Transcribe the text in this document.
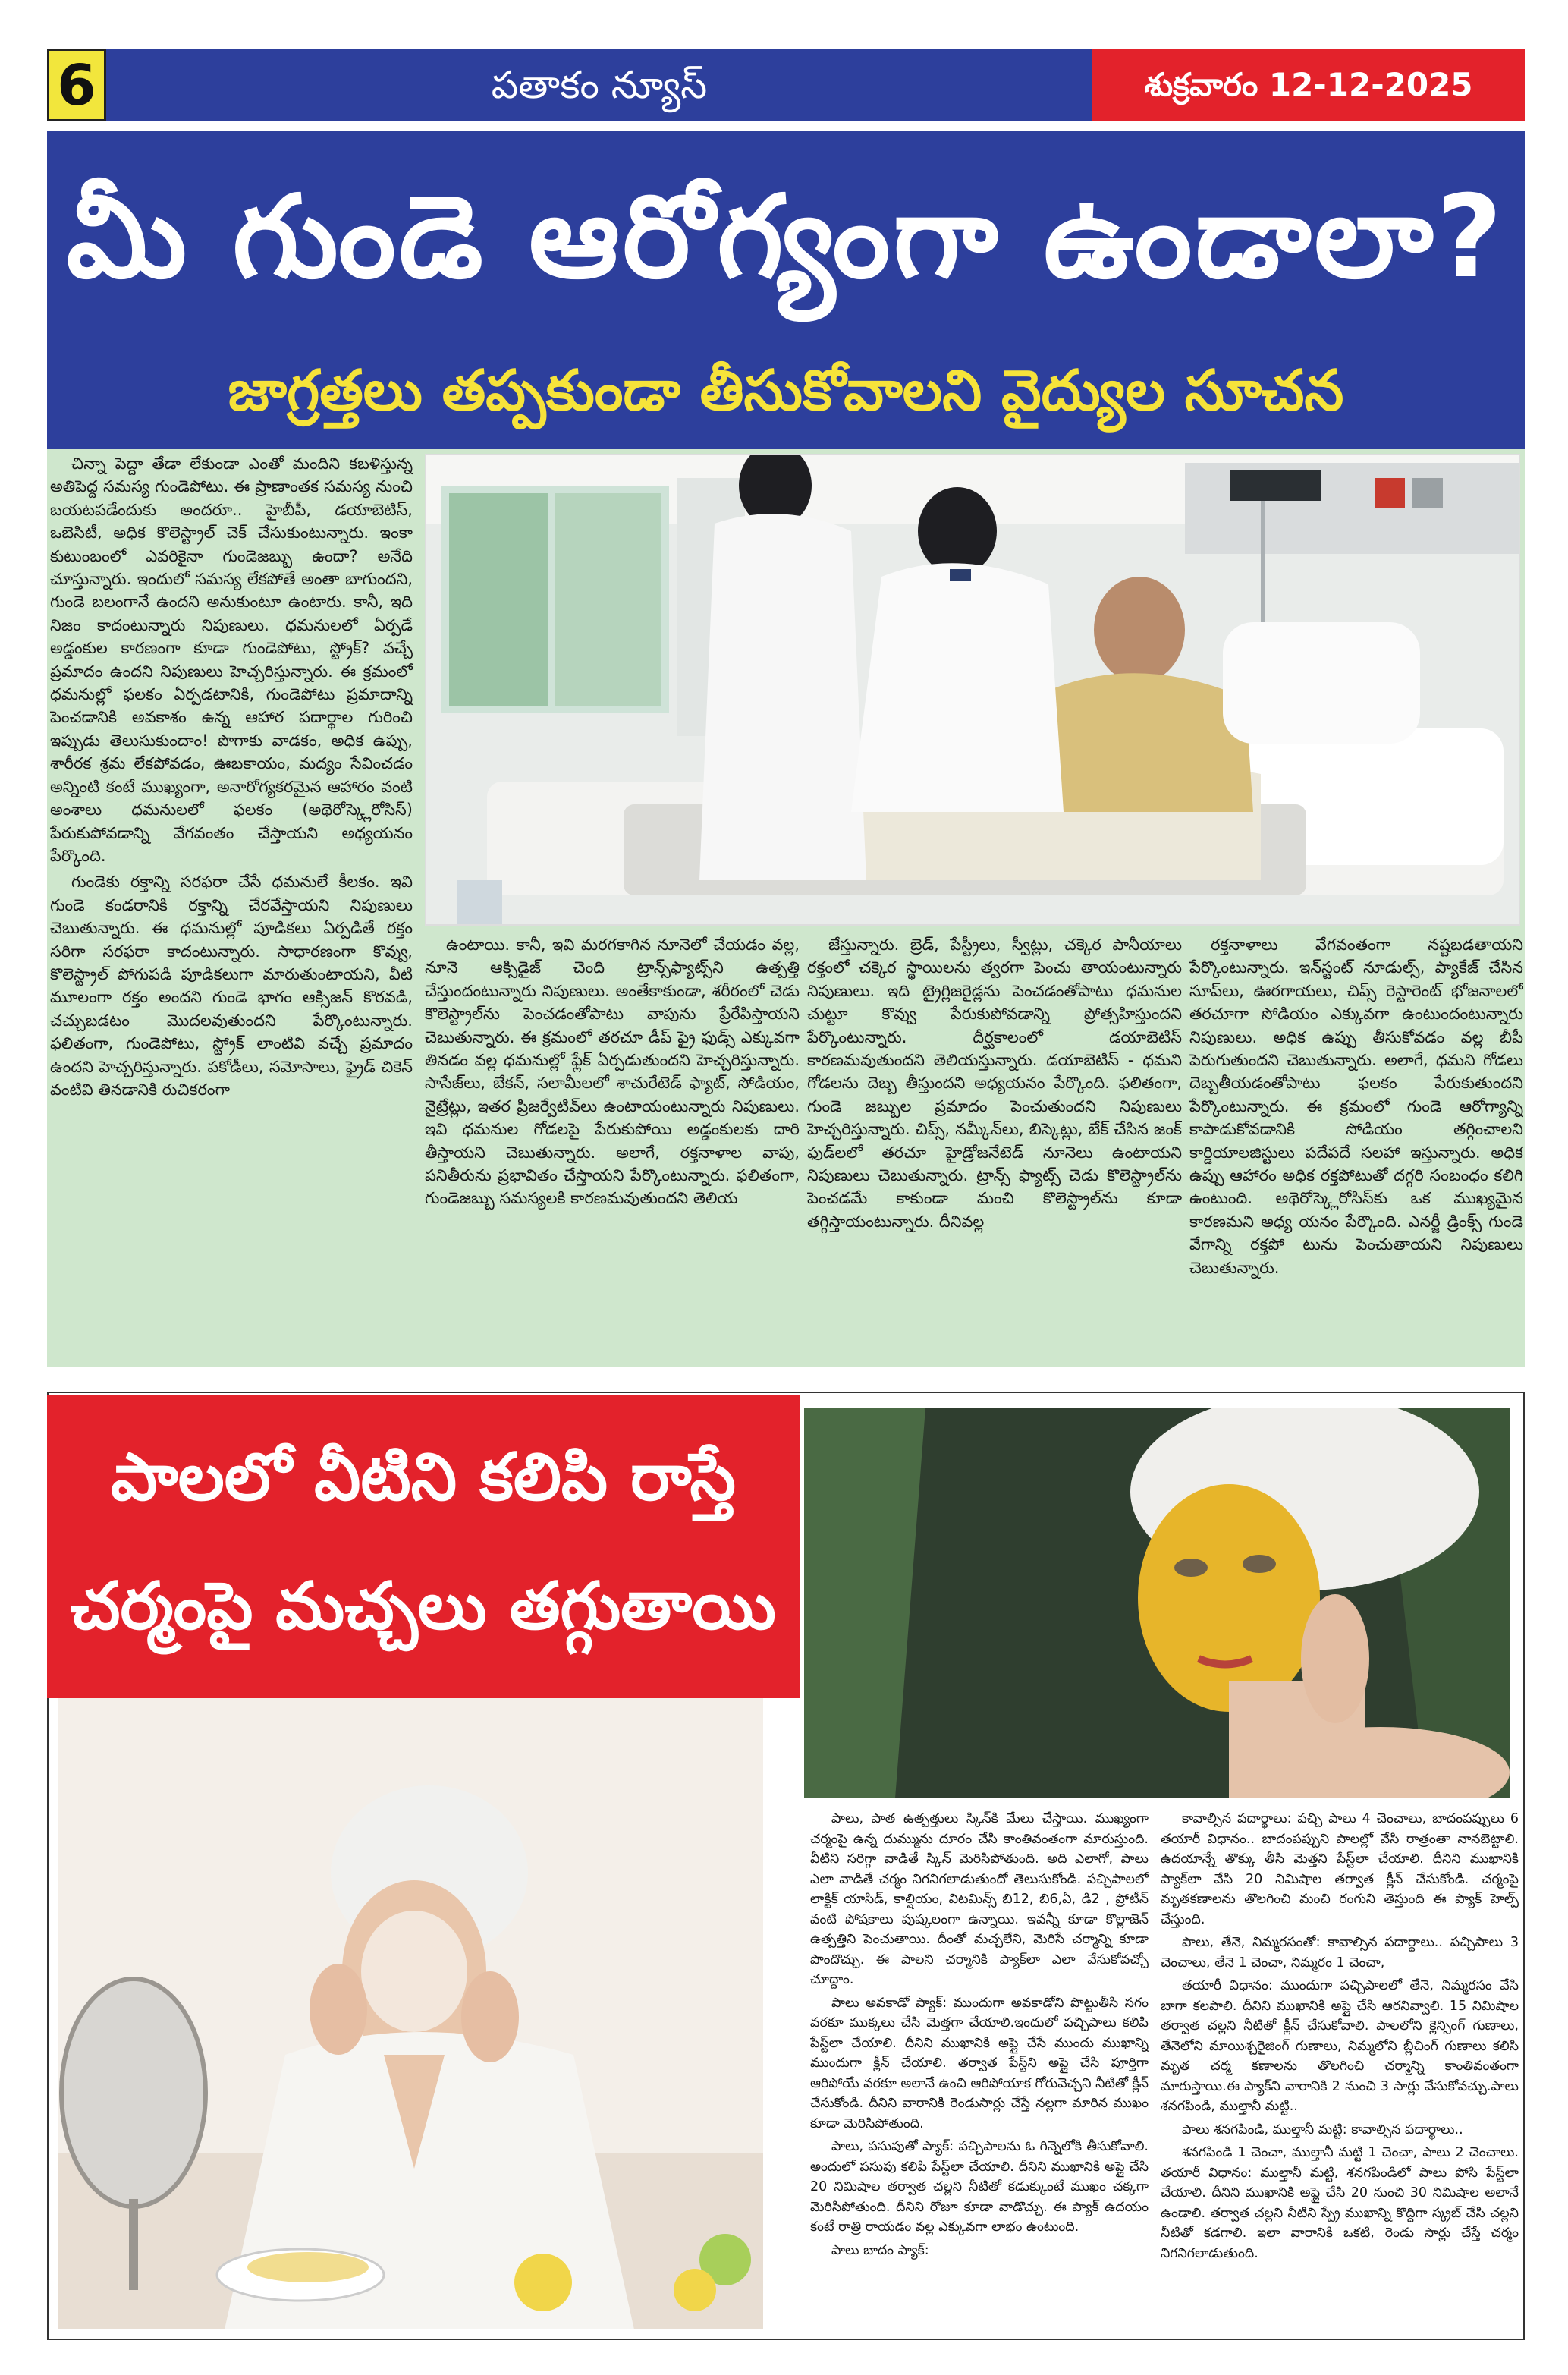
6	పతాకం న్యూస్	శుక్రవారం 12-12-2025
మీ గుండె ఆరోగ్యంగా ఉండాలా?
జాగ్రత్తలు తప్పకుండా తీసుకోవాలని వైద్యుల సూచన

చిన్నా పెద్దా తేడా లేకుండా ఎంతో మందిని కబళిస్తున్న అతిపెద్ద సమస్య గుండెపోటు. ఈ ప్రాణాంతక సమస్య నుంచి బయటపడేందుకు అందరూ.. హైబీపీ, డయాబెటిస్, ఒబెసిటీ, అధిక కొలెస్ట్రాల్ చెక్ చేసుకుంటున్నారు. ఇంకా కుటుంబంలో ఎవరికైనా గుండెజబ్బు ఉందా? అనేది చూస్తున్నారు. ఇందులో సమస్య లేకపోతే అంతా బాగుందని, గుండె బలంగానే ఉందని అనుకుంటూ ఉంటారు. కానీ, ఇది నిజం కాదంటున్నారు నిపుణులు. ధమనులలో ఏర్పడే అడ్డంకుల కారణంగా కూడా గుండెపోటు, స్ట్రోక్? వచ్చే ప్రమాదం ఉందని నిపుణులు హెచ్చరిస్తున్నారు. ఈ క్రమంలో ధమనుల్లో ఫలకం ఏర్పడటానికి, గుండెపోటు ప్రమాదాన్ని పెంచడానికి అవకాశం ఉన్న ఆహార పదార్థాల గురించి ఇప్పుడు తెలుసుకుందాం! పొగాకు వాడకం, అధిక ఉప్పు, శారీరక శ్రమ లేకపోవడం, ఊబకాయం, మద్యం సేవించడం అన్నింటి కంటే ముఖ్యంగా, అనారోగ్యకరమైన ఆహారం వంటి అంశాలు ధమనులలో ఫలకం (అథెరోస్క్లెరోసిస్) పేరుకుపోవడాన్ని వేగవంతం చేస్తాయని అధ్యయనం పేర్కొంది.

గుండెకు రక్తాన్ని సరఫరా చేసే ధమనులే కీలకం. ఇవి గుండె కండరానికి రక్తాన్ని చేరవేస్తాయని నిపుణులు చెబుతున్నారు. ఈ ధమనుల్లో పూడికలు ఏర్పడితే రక్తం సరిగా సరఫరా కాదంటున్నారు. సాధారణంగా కొవ్వు, కొలెస్ట్రాల్ పోగుపడి పూడికలుగా మారుతుంటాయని, వీటి మూలంగా రక్తం అందని గుండె భాగం ఆక్సిజన్ కొరవడి, చచ్చుబడటం మొదలవుతుందని పేర్కొంటున్నారు. ఫలితంగా, గుండెపోటు, స్ట్రోక్ లాంటివి వచ్చే ప్రమాదం ఉందని హెచ్చరిస్తున్నారు. పకోడీలు, సమోసాలు, ఫ్రైడ్ చికెన్ వంటివి తినడానికి రుచికరంగా

ఉంటాయి. కానీ, ఇవి మరగకాగిన నూనెలో చేయడం వల్ల, నూనె ఆక్సిడైజ్ చెంది ట్రాన్స్‌ఫ్యాట్స్‌ని ఉత్పత్తి చేస్తుందంటున్నారు నిపుణులు. అంతేకాకుండా, శరీరంలో చెడు కొలెస్ట్రాల్‌ను పెంచడంతోపాటు వాపును ప్రేరేపిస్తాయని చెబుతున్నారు. ఈ క్రమంలో తరచూ డీప్ ఫ్రై ఫుడ్స్ ఎక్కువగా తినడం వల్ల ధమనుల్లో ఫ్లేక్ ఏర్పడుతుందని హెచ్చరిస్తున్నారు. సాసేజ్‌లు, బేకన్, సలామీలలో శాచురేటెడ్ ఫ్యాట్, సోడియం, నైట్రేట్లు, ఇతర ప్రిజర్వేటివ్‌లు ఉంటాయంటున్నారు నిపుణులు. ఇవి ధమనుల గోడలపై పేరుకుపోయి అడ్డంకులకు దారి తీస్తాయని చెబుతున్నారు. అలాగే, రక్తనాళాల వాపు, పనితీరును ప్రభావితం చేస్తాయని పేర్కొంటున్నారు. ఫలితంగా, గుండెజబ్బు సమస్యలకి కారణమవుతుందని తెలియ

జేస్తున్నారు. బ్రెడ్, పేస్ట్రీలు, స్వీట్లు, చక్కెర పానీయాలు రక్తంలో చక్కెర స్థాయిలను త్వరగా పెంచు తాయంటున్నారు నిపుణులు. ఇది ట్రైగ్లిజరైడ్లను పెంచడంతోపాటు ధమనుల చుట్టూ కొవ్వు పేరుకుపోవడాన్ని ప్రోత్సహిస్తుందని పేర్కొంటున్నారు. దీర్ఘకాలంలో డయాబెటిస్ కారణమవుతుందని తెలియస్తున్నారు. డయాబెటిస్ - ధమని గోడలను దెబ్బ తీస్తుందని అధ్యయనం పేర్కొంది. ఫలితంగా, గుండె జబ్బుల ప్రమాదం పెంచుతుందని నిపుణులు హెచ్చరిస్తున్నారు. చిప్స్, నమ్కీన్‌లు, బిస్కెట్లు, బేక్ చేసిన జంక్ ఫుడ్‌లలో తరచూ హైడ్రోజనేటెడ్ నూనెలు ఉంటాయని నిపుణులు చెబుతున్నారు. ట్రాన్స్ ఫ్యాట్స్ చెడు కొలెస్ట్రాల్‌ను పెంచడమే కాకుండా మంచి కొలెస్ట్రాల్‌ను కూడా తగ్గిస్తాయంటున్నారు. దీనివల్ల

రక్తనాళాలు వేగవంతంగా నష్టబడతాయని పేర్కొంటున్నారు. ఇన్‌స్టంట్ నూడుల్స్, ప్యాకేజ్ చేసిన సూప్‌లు, ఊరగాయలు, చిప్స్ రెస్టారెంట్ భోజనాలలో తరచూగా సోడియం ఎక్కువగా ఉంటుందంటున్నారు నిపుణులు. అధిక ఉప్పు తీసుకోవడం వల్ల బీపీ పెరుగుతుందని చెబుతున్నారు. అలాగే, ధమని గోడలు దెబ్బతీయడంతోపాటు ఫలకం పేరుకుతుందని పేర్కొంటున్నారు. ఈ క్రమంలో గుండె ఆరోగ్యాన్ని కాపాడుకోవడానికి సోడియం తగ్గించాలని కార్డియాలజిస్టులు పదేపదే సలహా ఇస్తున్నారు. అధిక ఉప్పు ఆహారం అధిక రక్తపోటుతో దగ్గరి సంబంధం కలిగి ఉంటుంది. అథెరోస్క్లెరోసిస్‌కు ఒక ముఖ్యమైన కారణమని అధ్య యనం పేర్కొంది. ఎనర్జీ డ్రింక్స్ గుండె వేగాన్ని రక్తపో టును పెంచుతాయని నిపుణులు చెబుతున్నారు.

పాలలో వీటిని కలిపి రాస్తే
చర్మంపై మచ్చలు తగ్గుతాయి

పాలు, పాత ఉత్పత్తులు స్కిన్‌కి మేలు చేస్తాయి. ముఖ్యంగా చర్మంపై ఉన్న దుమ్మును దూరం చేసి కాంతివంతంగా మారుస్తుంది. వీటిని సరిగ్గా వాడితే స్కిన్ మెరిసిపోతుంది. అది ఎలాగో, పాలు ఎలా వాడితే చర్మం నిగనిగలాడుతుందో తెలుసుకోండి. పచ్చిపాలలో లాక్టిక్ యాసిడ్, కాల్షియం, విటమిన్స్ బి12, బి6,ఏ, డి2 , ప్రోటీన్ వంటి పోషకాలు పుష్కలంగా ఉన్నాయి. ఇవన్నీ కూడా కొల్లాజెన్ ఉత్పత్తిని పెంచుతాయి. దీంతో మచ్చలేని, మెరిసే చర్మాన్ని కూడా పొందొచ్చు. ఈ పాలని చర్మానికి ప్యాక్‌లా ఎలా వేసుకోవచ్చో చూద్దాం.

పాలు అవకాడో ప్యాక్: ముందుగా అవకాడోని పొట్టుతీసి సగం వరకూ ముక్కలు చేసి మెత్తగా చేయాలి.ఇందులో పచ్చిపాలు కలిపి పేస్ట్‌లా చేయాలి. దీనిని ముఖానికి అప్లై చేసే ముందు ముఖాన్ని ముందుగా క్లీన్ చేయాలి. తర్వాత పేస్ట్‌ని అప్లై చేసి పూర్తిగా ఆరిపోయే వరకూ అలానే ఉంచి ఆరిపోయాక గోరువెచ్చని నీటితో క్లీన్ చేసుకోండి. దీనిని వారానికి రెండుసార్లు చేస్తే నల్లగా మారిన ముఖం కూడా మెరిసిపోతుంది.

పాలు, పసుపుతో ప్యాక్: పచ్చిపాలను ఓ గిన్నెలోకి తీసుకోవాలి. అందులో పసుపు కలిపి పేస్ట్‌లా చేయాలి. దీనిని ముఖానికి అప్లై చేసి 20 నిమిషాల తర్వాత చల్లని నీటితో కడుక్కుంటే ముఖం చక్కగా మెరిసిపోతుంది. దీనిని రోజూ కూడా వాడొచ్చు. ఈ ప్యాక్ ఉదయం కంటే రాత్రి రాయడం వల్ల ఎక్కువగా లాభం ఉంటుంది.

పాలు బాదం ప్యాక్:

కావాల్సిన పదార్థాలు: పచ్చి పాలు 4 చెంచాలు, బాదంపప్పులు 6 తయారీ విధానం.. బాదంపప్పుని పాలల్లో వేసి రాత్రంతా నానబెట్టాలి. ఉదయాన్నే తొక్కు తీసి మెత్తని పేస్ట్‌లా చేయాలి. దీనిని ముఖానికి ప్యాక్‌లా వేసి 20 నిమిషాల తర్వాత క్లీన్ చేసుకోండి. చర్మంపై మృతకణాలను తొలగించి మంచి రంగుని తెస్తుంది ఈ ప్యాక్ హెల్ప్ చేస్తుంది.

పాలు, తేనె, నిమ్మరసంతో: కావాల్సిన పదార్థాలు.. పచ్చిపాలు 3 చెంచాలు, తేనె 1 చెంచా, నిమ్మరం 1 చెంచా,

తయారీ విధానం: ముందుగా పచ్చిపాలలో తేనె, నిమ్మరసం వేసి బాగా కలపాలి. దీనిని ముఖానికి అప్లై చేసి ఆరనివ్వాలి. 15 నిమిషాల తర్వాత చల్లని నీటితో క్లీన్ చేసుకోవాలి. పాలలోని క్లెన్సింగ్ గుణాలు, తేనెలోని మాయిశ్చరైజింగ్ గుణాలు, నిమ్మలోని బ్లీచింగ్ గుణాలు కలిసి మృత చర్మ కణాలను తొలగించి చర్మాన్ని కాంతివంతంగా మారుస్తాయి.ఈ ప్యాక్‌ని వారానికి 2 నుంచి 3 సార్లు వేసుకోవచ్చు.పాలు శనగపిండి, ముల్తానీ మట్టి..

పాలు శనగపిండి, ముల్తానీ మట్టి: కావాల్సిన పదార్థాలు..

శనగపిండి 1 చెంచా, ముల్తానీ మట్టి 1 చెంచా, పాలు 2 చెంచాలు. తయారీ విధానం: ముల్తానీ మట్టి, శనగపిండిలో పాలు పోసి పేస్ట్‌లా చేయాలి. దీనిని ముఖానికి అప్లై చేసి 20 నుంచి 30 నిమిషాల అలానే ఉండాలి. తర్వాత చల్లని నీటిని స్ప్రే ముఖాన్ని కొద్దిగా స్క్రబ్ చేసి చల్లని నీటితో కడగాలి. ఇలా వారానికి ఒకటి, రెండు సార్లు చేస్తే చర్మం నిగనిగలాడుతుంది.
